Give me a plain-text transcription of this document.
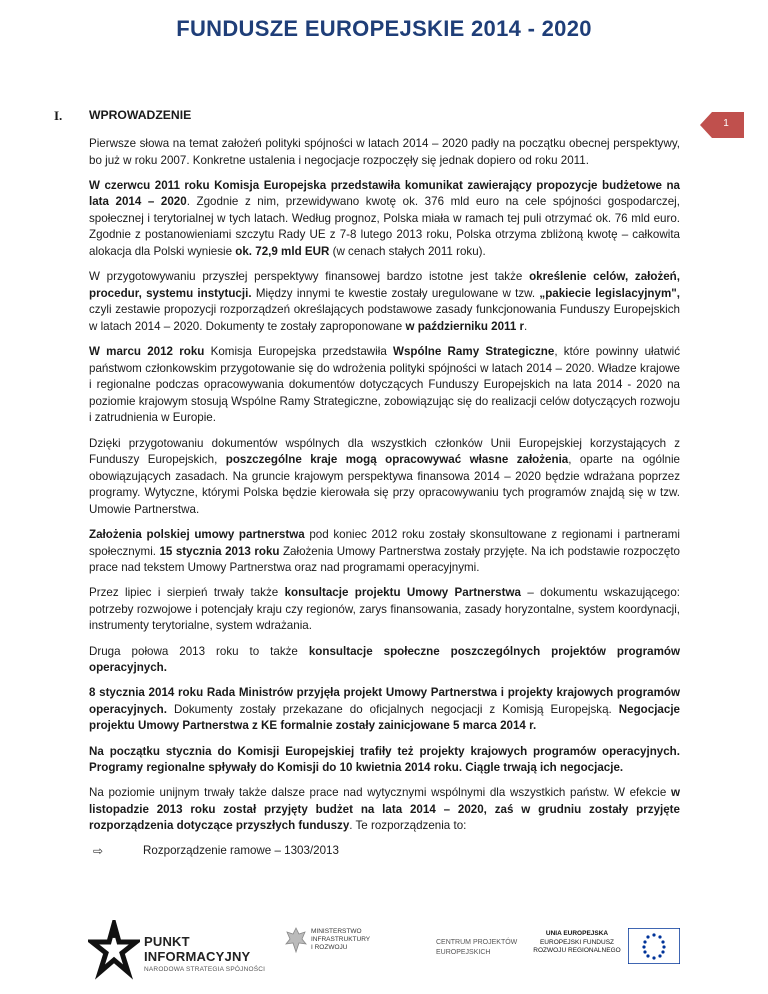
FUNDUSZE EUROPEJSKIE 2014 - 2020
1
I. WPROWADZENIE

Pierwsze słowa na temat założeń polityki spójności w latach 2014 – 2020 padły na początku obecnej perspektywy, bo już w roku 2007. Konkretne ustalenia i negocjacje rozpoczęły się jednak dopiero od roku 2011.

W czerwcu 2011 roku Komisja Europejska przedstawiła komunikat zawierający propozycje budżetowe na lata 2014 – 2020. Zgodnie z nim, przewidywano kwotę ok. 376 mld euro na cele spójności gospodarczej, społecznej i terytorialnej w tych latach. Według prognoz, Polska miała w ramach tej puli otrzymać ok. 76 mld euro. Zgodnie z postanowieniami szczytu Rady UE z 7-8 lutego 2013 roku, Polska otrzyma zbliżoną kwotę – całkowita alokacja dla Polski wyniesie ok. 72,9 mld EUR (w cenach stałych 2011 roku).

W przygotowywaniu przyszłej perspektywy finansowej bardzo istotne jest także określenie celów, założeń, procedur, systemu instytucji. Między innymi te kwestie zostały uregulowane w tzw. „pakiecie legislacyjnym", czyli zestawie propozycji rozporządzeń określających podstawowe zasady funkcjonowania Funduszy Europejskich w latach 2014 – 2020. Dokumenty te zostały zaproponowane w październiku 2011 r.

W marcu 2012 roku Komisja Europejska przedstawiła Wspólne Ramy Strategiczne, które powinny ułatwić państwom członkowskim przygotowanie się do wdrożenia polityki spójności w latach 2014 – 2020. Władze krajowe i regionalne podczas opracowywania dokumentów dotyczących Funduszy Europejskich na lata 2014 - 2020 na poziomie krajowym stosują Wspólne Ramy Strategiczne, zobowiązując się do realizacji celów dotyczących rozwoju i zatrudnienia w Europie.

Dzięki przygotowaniu dokumentów wspólnych dla wszystkich członków Unii Europejskiej korzystających z Funduszy Europejskich, poszczególne kraje mogą opracowywać własne założenia, oparte na ogólnie obowiązujących zasadach. Na gruncie krajowym perspektywa finansowa 2014 – 2020 będzie wdrażana poprzez programy. Wytyczne, którymi Polska będzie kierowała się przy opracowywaniu tych programów znajdą się w tzw. Umowie Partnerstwa.

Założenia polskiej umowy partnerstwa pod koniec 2012 roku zostały skonsultowane z regionami i partnerami społecznymi. 15 stycznia 2013 roku Założenia Umowy Partnerstwa zostały przyjęte. Na ich podstawie rozpoczęto prace nad tekstem Umowy Partnerstwa oraz nad programami operacyjnymi.

Przez lipiec i sierpień trwały także konsultacje projektu Umowy Partnerstwa – dokumentu wskazującego: potrzeby rozwojowe i potencjały kraju czy regionów, zarys finansowania, zasady horyzontalne, system koordynacji, instrumenty terytorialne, system wdrażania.

Druga połowa 2013 roku to także konsultacje społeczne poszczególnych projektów programów operacyjnych.

8 stycznia 2014 roku Rada Ministrów przyjęła projekt Umowy Partnerstwa i projekty krajowych programów operacyjnych. Dokumenty zostały przekazane do oficjalnych negocjacji z Komisją Europejską. Negocjacje projektu Umowy Partnerstwa z KE formalnie zostały zainicjowane 5 marca 2014 r.

Na początku stycznia do Komisji Europejskiej trafiły też projekty krajowych programów operacyjnych. Programy regionalne spływały do Komisji do 10 kwietnia 2014 roku. Ciągle trwają ich negocjacje.

Na poziomie unijnym trwały także dalsze prace nad wytycznymi wspólnymi dla wszystkich państw. W efekcie w listopadzie 2013 roku został przyjęty budżet na lata 2014 – 2020, zaś w grudniu zostały przyjęte rozporządzenia dotyczące przyszłych funduszy. Te rozporządzenia to:

⇨	Rozporządzenie ramowe – 1303/2013
PUNKT
INFORMACYJNY
NARODOWA STRATEGIA SPÓJNOŚCI
MINISTERSTWO
INFRASTRUKTURY
I ROZWOJU
CENTRUM PROJEKTÓW
EUROPEJSKICH
UNIA EUROPEJSKA
EUROPEJSKI FUNDUSZ
ROZWOJU REGIONALNEGO
